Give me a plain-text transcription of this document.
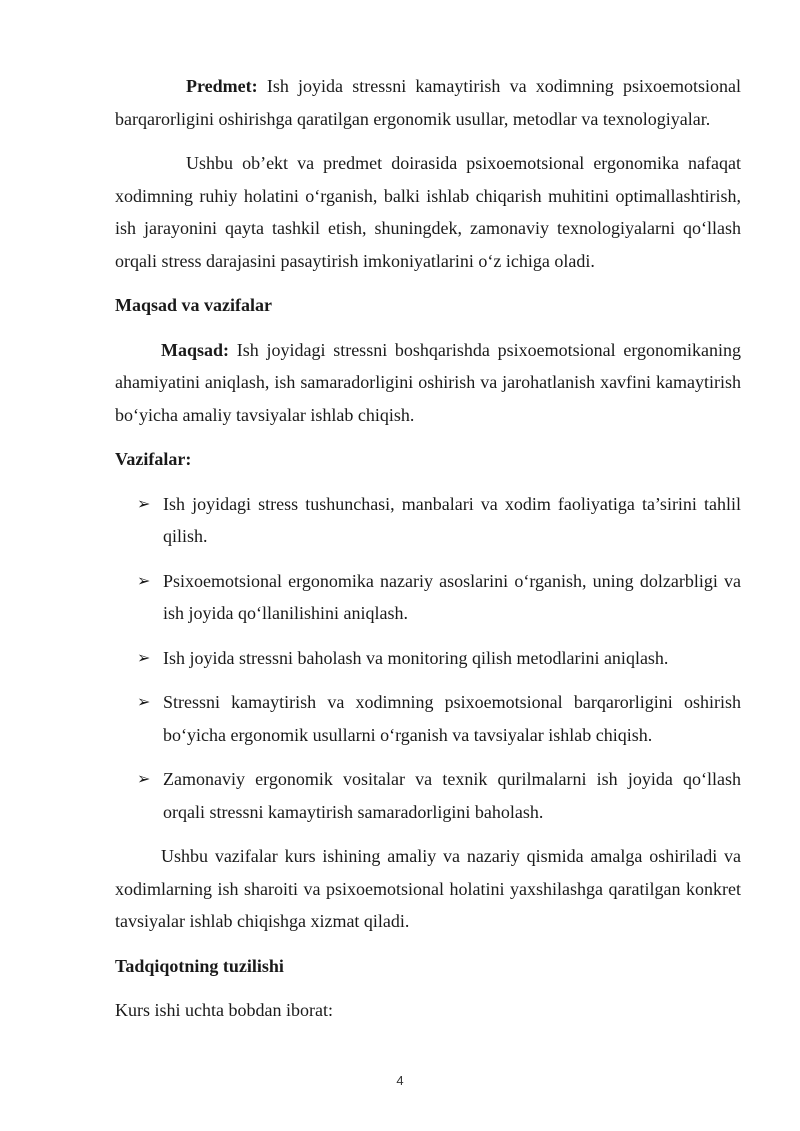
Predmet: Ish joyida stressni kamaytirish va xodimning psixoemotsional barqarorligini oshirishga qaratilgan ergonomik usullar, metodlar va texnologiyalar.

Ushbu ob’ekt va predmet doirasida psixoemotsional ergonomika nafaqat xodimning ruhiy holatini o‘rganish, balki ishlab chiqarish muhitini optimallashtirish, ish jarayonini qayta tashkil etish, shuningdek, zamonaviy texnologiyalarni qo‘llash orqali stress darajasini pasaytirish imkoniyatlarini o‘z ichiga oladi.

Maqsad va vazifalar

Maqsad: Ish joyidagi stressni boshqarishda psixoemotsional ergonomikaning ahamiyatini aniqlash, ish samaradorligini oshirish va jarohatlanish xavfini kamaytirish bo‘yicha amaliy tavsiyalar ishlab chiqish.

Vazifalar:

➢ Ish joyidagi stress tushunchasi, manbalari va xodim faoliyatiga ta’sirini tahlil qilish.
➢ Psixoemotsional ergonomika nazariy asoslarini o‘rganish, uning dolzarbligi va ish joyida qo‘llanilishini aniqlash.
➢ Ish joyida stressni baholash va monitoring qilish metodlarini aniqlash.
➢ Stressni kamaytirish va xodimning psixoemotsional barqarorligini oshirish bo‘yicha ergonomik usullarni o‘rganish va tavsiyalar ishlab chiqish.
➢ Zamonaviy ergonomik vositalar va texnik qurilmalarni ish joyida qo‘llash orqali stressni kamaytirish samaradorligini baholash.

Ushbu vazifalar kurs ishining amaliy va nazariy qismida amalga oshiriladi va xodimlarning ish sharoiti va psixoemotsional holatini yaxshilashga qaratilgan konkret tavsiyalar ishlab chiqishga xizmat qiladi.

Tadqiqotning tuzilishi

Kurs ishi uchta bobdan iborat:

4
